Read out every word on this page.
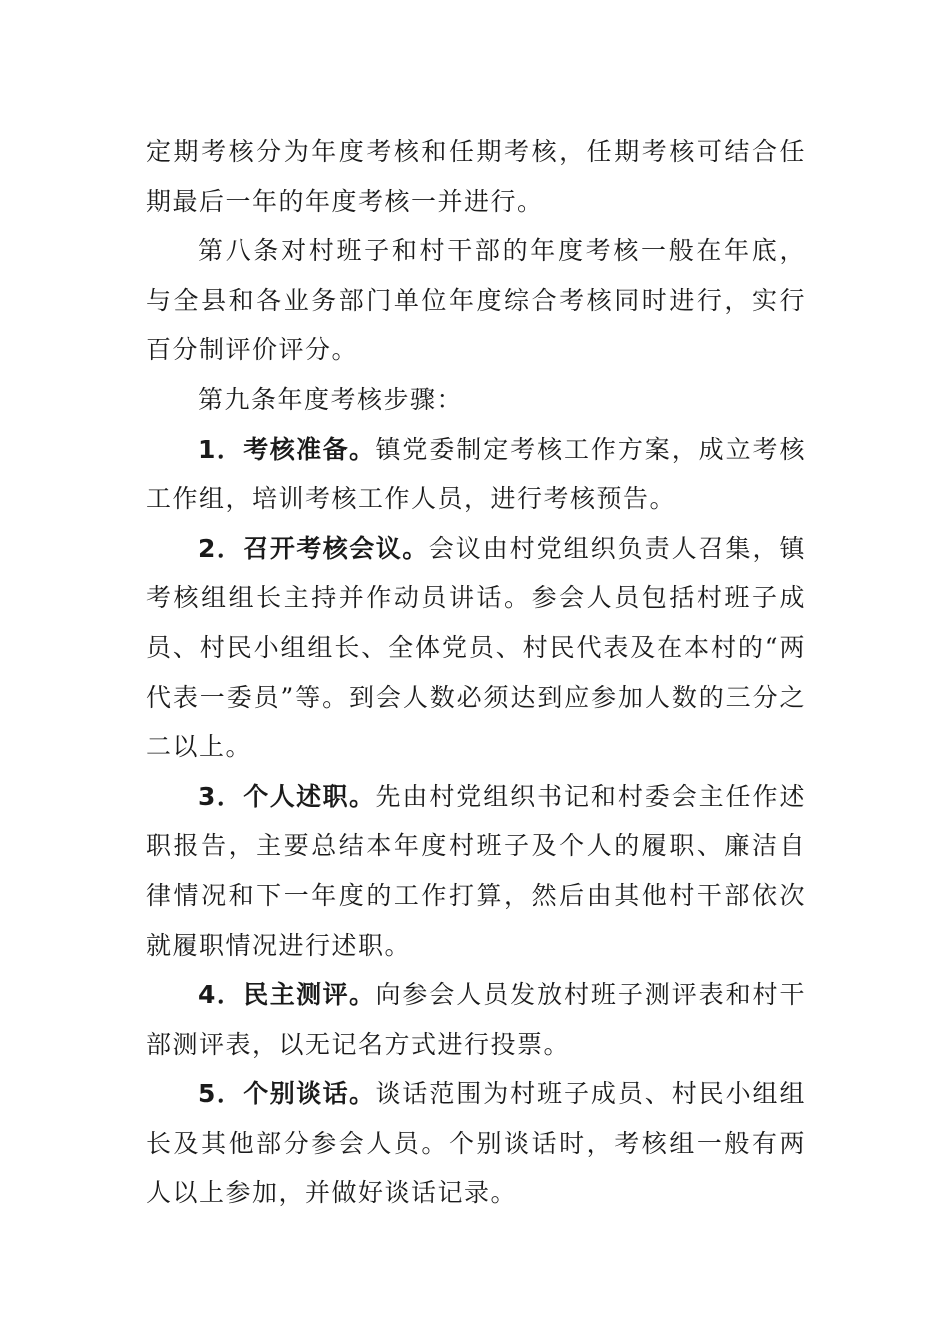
定期考核分为年度考核和任期考核，任期考核可结合任期最后一年的年度考核一并进行。

第八条对村班子和村干部的年度考核一般在年底，与全县和各业务部门单位年度综合考核同时进行，实行百分制评价评分。

第九条年度考核步骤：

1．考核准备。镇党委制定考核工作方案，成立考核工作组，培训考核工作人员，进行考核预告。

2．召开考核会议。会议由村党组织负责人召集，镇考核组组长主持并作动员讲话。参会人员包括村班子成员、村民小组组长、全体党员、村民代表及在本村的“两代表一委员”等。到会人数必须达到应参加人数的三分之二以上。

3．个人述职。先由村党组织书记和村委会主任作述职报告，主要总结本年度村班子及个人的履职、廉洁自律情况和下一年度的工作打算，然后由其他村干部依次就履职情况进行述职。

4．民主测评。向参会人员发放村班子测评表和村干部测评表，以无记名方式进行投票。

5．个别谈话。谈话范围为村班子成员、村民小组组长及其他部分参会人员。个别谈话时，考核组一般有两人以上参加，并做好谈话记录。
